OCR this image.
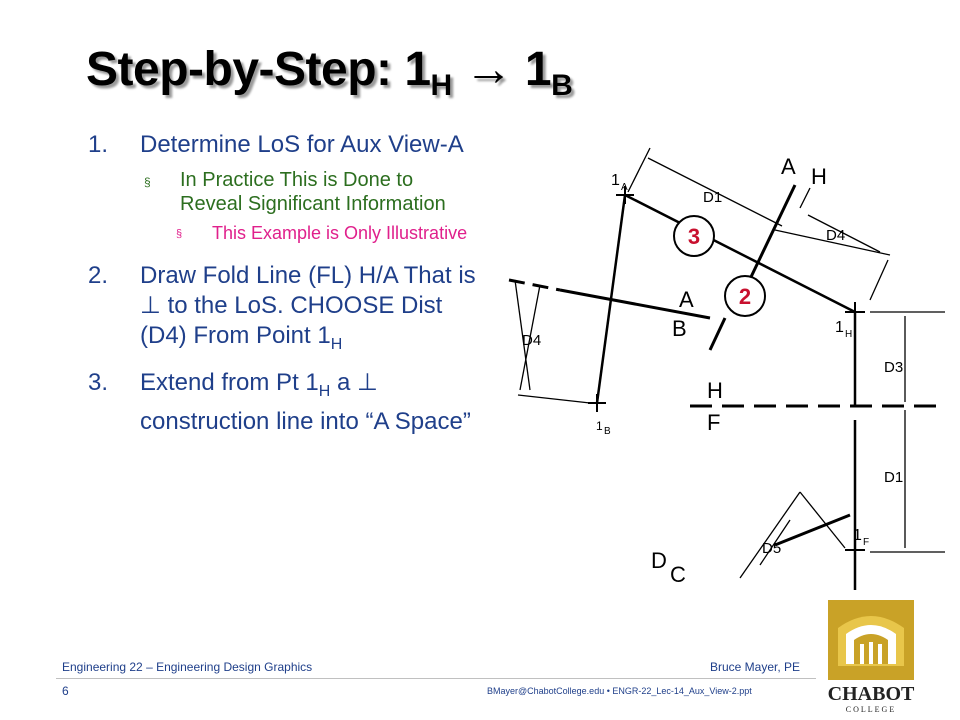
Step-by-Step: $1_H \to 1_B$
1. Determine LoS for Aux View-A
§ In Practice This is Done to Reveal Significant Information
§ This Example is Only Illustrative
2. Draw Fold Line (FL) H/A That is ⊥ to the LoS. CHOOSE Dist (D4) From Point $1_H$
3. Extend from Pt $1_H$ a ⊥ construction line into “A Space”
1 A
1 H
1 B
1 F
A H
A
B
H
F
D
C
D1
D4
D4
D3
D1
D5
3
2
Engineering 22 – Engineering Design Graphics	Bruce Mayer, PE
6	BMayer@ChabotCollege.edu • ENGR-22_Lec-14_Aux_View-2.ppt	CHABOT
COLLEGE
